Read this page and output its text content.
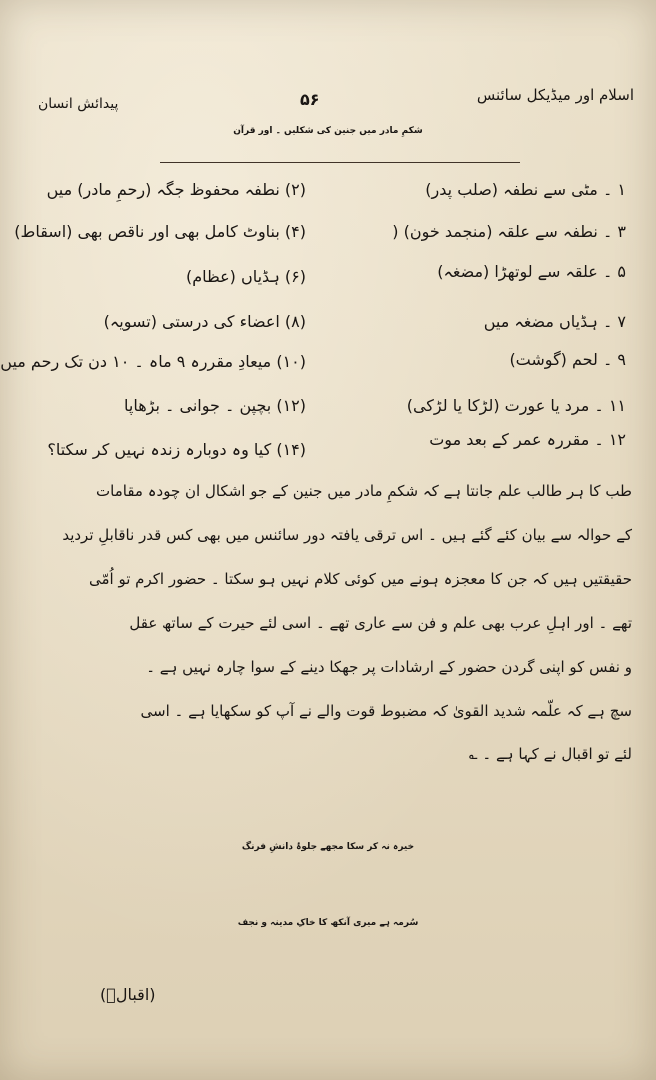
اسلام اور میڈیکل سائنس
۵۶
پیدائش انسان
شکمِ مادر میں جنین کی شکلیں ۔ اور قرآن
۱ ۔ مٹی سے نطفہ (صلب پدر)
۳ ۔ نطفہ سے علقہ (منجمد خون) (
۵ ۔ علقہ سے لوتھڑا (مضغہ)
۷ ۔ ہڈیاں مضغہ میں
۹ ۔ لحم (گوشت)
۱۱ ۔ مرد یا عورت (لڑکا یا لڑکی)
۱۲ ۔ مقررہ عمر کے بعد موت
(۲) نطفہ محفوظ جگہ (رحمِ مادر) میں
(۴) بناوٹ کامل بھی اور ناقص بھی (اسقاط)
(۶) ہڈیاں (عظام)
(۸) اعضاء کی درستی (تسویہ)
(۱۰) میعادِ مقررہ ۹ ماہ ۔ ۱۰ دن تک رحم میں
(۱۲) بچپن ۔ جوانی ۔ بڑھاپا
(۱۴) کیا وہ دوبارہ زندہ نہیں کر سکتا؟
طب کا ہر طالب علم جانتا ہے کہ شکمِ مادر میں جنین کے جو اشکال ان چودہ مقامات
کے حوالہ سے بیان کئے گئے ہیں ۔ اس ترقی یافتہ دور سائنس میں بھی کس قدر ناقابلِ تردید
حقیقتیں ہیں کہ جن کا معجزہ ہونے میں کوئی کلام نہیں ہو سکتا ۔ حضور اکرم تو اُمّی
تھے ۔ اور اہلِ عرب بھی علم و فن سے عاری تھے ۔ اسی لئے حیرت کے ساتھ عقل
و نفس کو اپنی گردن حضور کے ارشادات پر جھکا دینے کے سوا چارہ نہیں ہے ۔
سچ ہے کہ علّمہ شدید القویٰ کہ مضبوط قوت والے نے آپ کو سکھایا ہے ۔ اسی
لئے تو اقبال نے کہا ہے ۔ ؎
خیرہ نہ کر سکا مجھے جلوۂ دانشِ فرنگ
سُرمہ ہے میری آنکھ کا خاکِ مدینہ و نجف
(اقبالؒ)
